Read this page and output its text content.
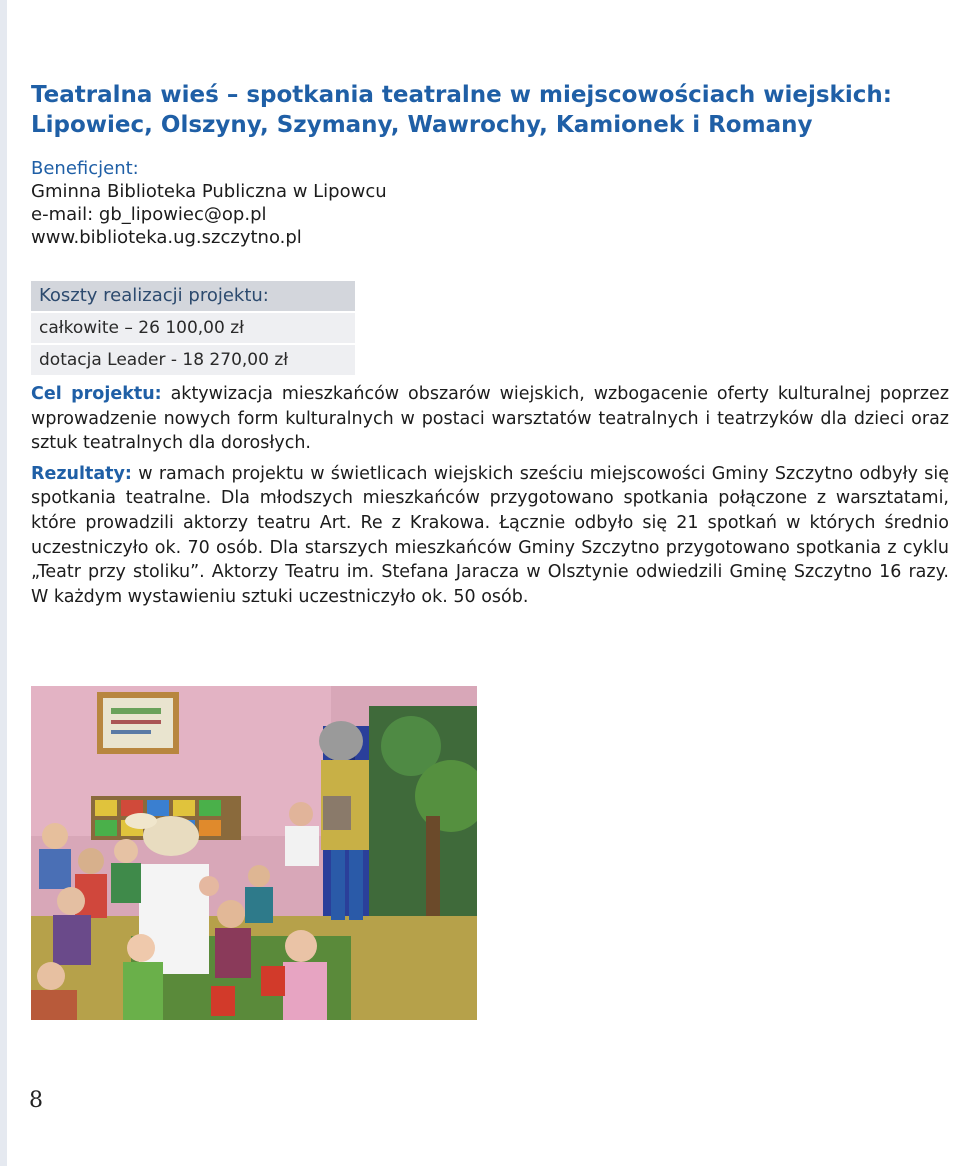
Teatralna wieś – spotkania teatralne w miejscowościach wiejskich: Lipowiec, Olszyny, Szymany, Wawrochy, Kamionek i Romany
Beneficjent:
Gminna Biblioteka Publiczna w Lipowcu
e-mail: gb_lipowiec@op.pl
www.biblioteka.ug.szczytno.pl
Koszty realizacji projektu:
całkowite – 26 100,00 zł
dotacja Leader - 18 270,00 zł

Cel projektu: aktywizacja mieszkańców obszarów wiejskich, wzbogacenie oferty kulturalnej poprzez wprowadzenie nowych form kulturalnych w postaci warsztatów teatralnych i teatrzyków dla dzieci oraz sztuk teatralnych dla dorosłych.

Rezultaty: w ramach projektu w świetlicach wiejskich sześciu miejscowości Gminy Szczytno odbyły się spotkania teatralne. Dla młodszych mieszkańców przygotowano spotkania połączone z warsztatami, które prowadzili aktorzy teatru Art. Re z Krakowa. Łącznie odbyło się 21 spotkań w których średnio uczestniczyło ok. 70 osób. Dla starszych mieszkańców Gminy Szczytno przygotowano spotkania z cyklu „Teatr przy stoliku”. Aktorzy Teatru im. Stefana Jaracza w Olsztynie odwiedzili Gminę Szczytno 16 razy. W każdym wystawieniu sztuki uczestniczyło ok. 50 osób.

8
